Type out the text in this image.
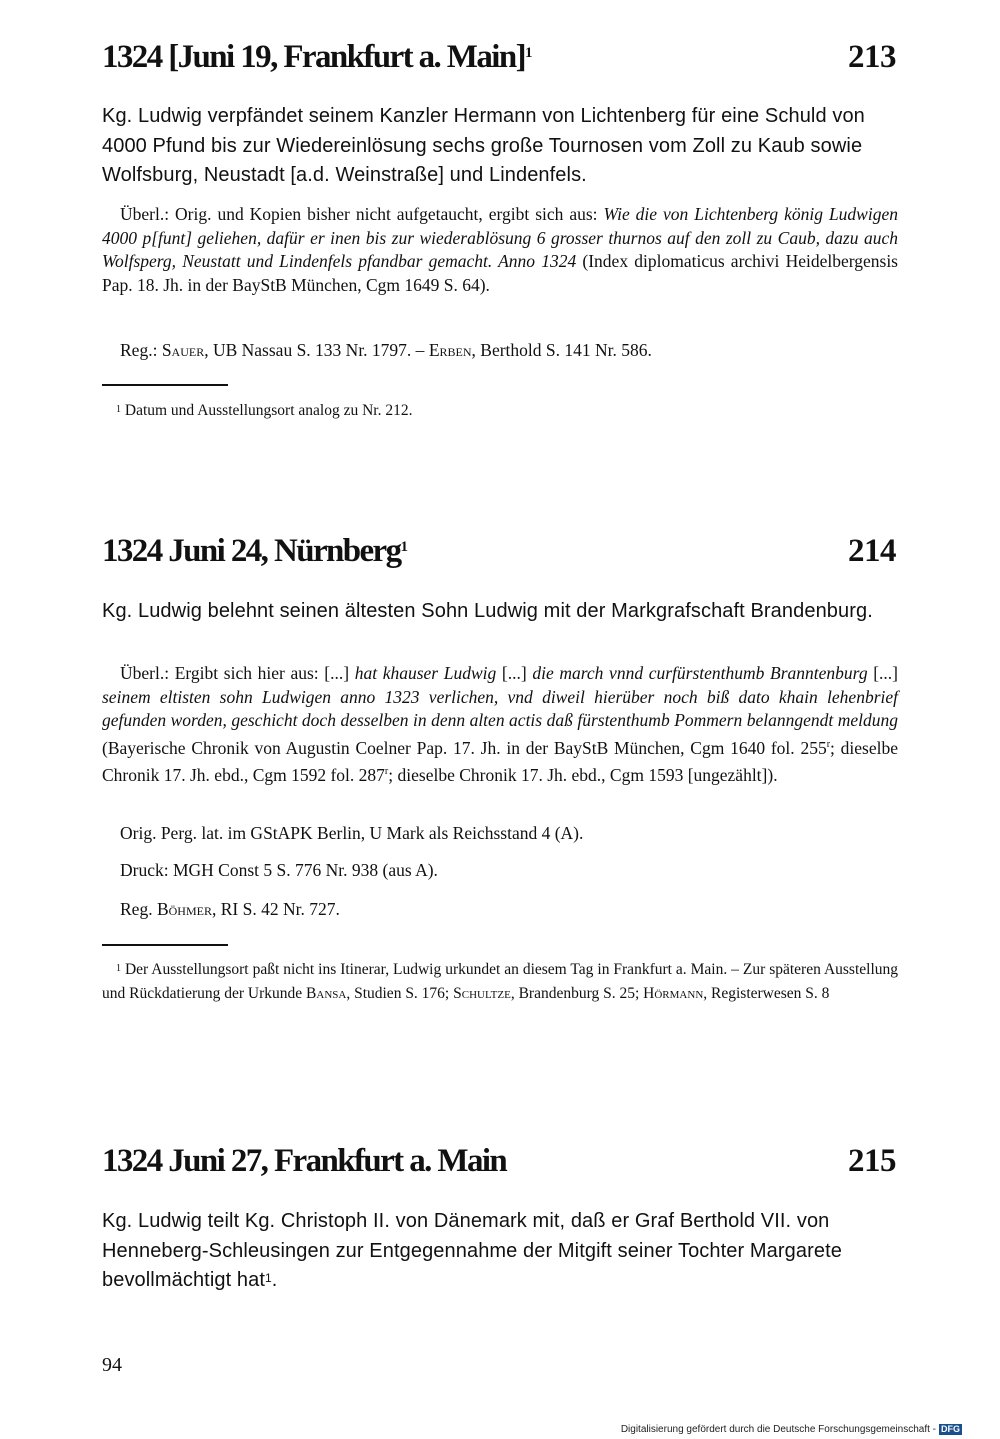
1324 [Juni 19, Frankfurt a. Main]$^1$	213
Kg. Ludwig verpfändet seinem Kanzler Hermann von Lichtenberg für eine Schuld von 4000 Pfund bis zur Wiedereinlösung sechs große Tournosen vom Zoll zu Kaub sowie Wolfsburg, Neustadt [a.d. Weinstraße] und Lindenfels.
Überl.: Orig. und Kopien bisher nicht aufgetaucht, ergibt sich aus: Wie die von Lichtenberg könig Ludwigen 4000 p[funt] geliehen, dafür er inen bis zur wiederablösung 6 grosser thurnos auf den zoll zu Caub, dazu auch Wolfsperg, Neustatt und Lindenfels pfandbar gemacht. Anno 1324 (Index diplomaticus archivi Heidelbergensis Pap. 18. Jh. in der BayStB München, Cgm 1649 S. 64).
Reg.: Sauer, UB Nassau S. 133 Nr. 1797. – Erben, Berthold S. 141 Nr. 586.
$^1$ Datum und Ausstellungsort analog zu Nr. 212.
1324 Juni 24, Nürnberg$^1$	214
Kg. Ludwig belehnt seinen ältesten Sohn Ludwig mit der Markgrafschaft Brandenburg.
Überl.: Ergibt sich hier aus: [...] hat khauser Ludwig [...] die march vnnd curfürstenthumb Branntenburg [...] seinem eltisten sohn Ludwigen anno 1323 verlichen, vnd diweil hierüber noch biß dato khain lehenbrief gefunden worden, geschicht doch desselben in denn alten actis daß fürstenthumb Pommern belanngendt meldung (Bayerische Chronik von Augustin Coelner Pap. 17. Jh. in der BayStB München, Cgm 1640 fol. 255$^r$; dieselbe Chronik 17. Jh. ebd., Cgm 1592 fol. 287$^r$; dieselbe Chronik 17. Jh. ebd., Cgm 1593 [ungezählt]).
Orig. Perg. lat. im GStAPK Berlin, U Mark als Reichsstand 4 (A).
Druck: MGH Const 5 S. 776 Nr. 938 (aus A).
Reg. Böhmer, RI S. 42 Nr. 727.
$^1$ Der Ausstellungsort paßt nicht ins Itinerar, Ludwig urkundet an diesem Tag in Frankfurt a. Main. – Zur späteren Ausstellung und Rückdatierung der Urkunde Bansa, Studien S. 176; Schultze, Brandenburg S. 25; Hörmann, Registerwesen S. 8
1324 Juni 27, Frankfurt a. Main	215
Kg. Ludwig teilt Kg. Christoph II. von Dänemark mit, daß er Graf Berthold VII. von Henneberg-Schleusingen zur Entgegennahme der Mitgift seiner Tochter Margarete bevollmächtigt hat$^1$.
94
Digitalisierung gefördert durch die Deutsche Forschungsgemeinschaft - DFG
